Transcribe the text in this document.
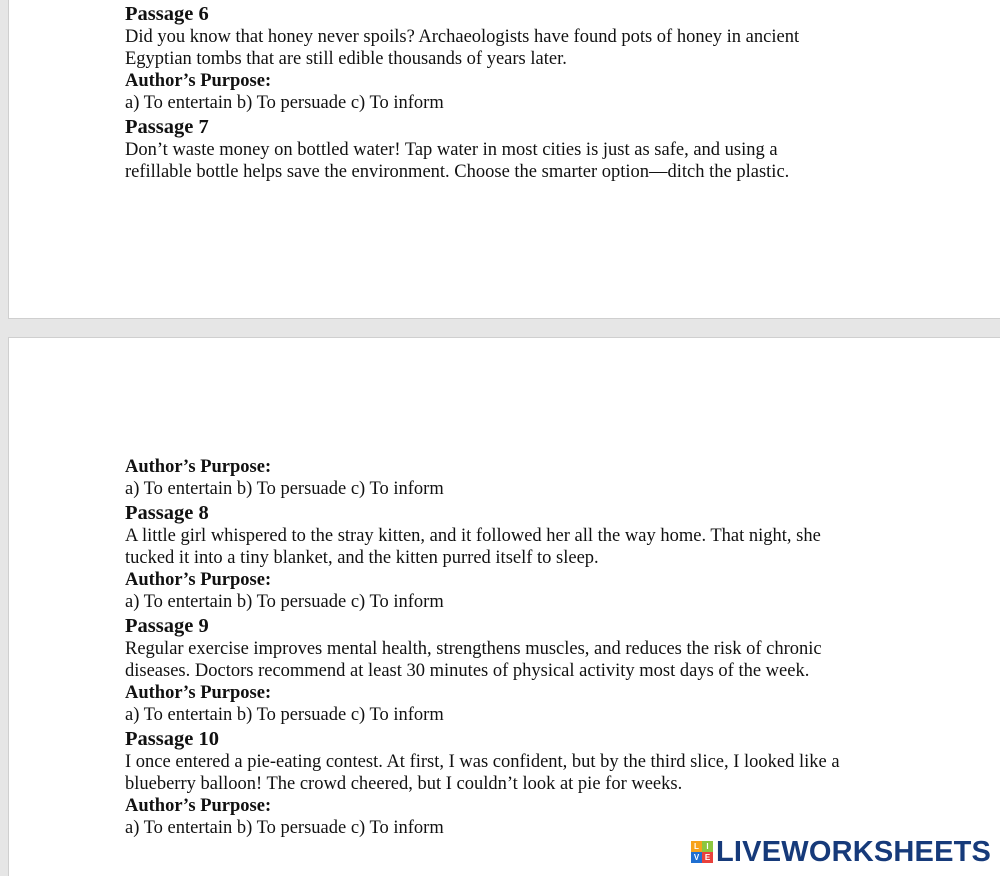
Passage 6

Did you know that honey never spoils? Archaeologists have found pots of honey in ancient

Egyptian tombs that are still edible thousands of years later.

Author’s Purpose:

a) To entertain b) To persuade c) To inform

Passage 7

Don’t waste money on bottled water! Tap water in most cities is just as safe, and using a

refillable bottle helps save the environment. Choose the smarter option—ditch the plastic.

Author’s Purpose:

a) To entertain b) To persuade c) To inform

Passage 8

A little girl whispered to the stray kitten, and it followed her all the way home. That night, she

tucked it into a tiny blanket, and the kitten purred itself to sleep.

Author’s Purpose:

a) To entertain b) To persuade c) To inform

Passage 9

Regular exercise improves mental health, strengthens muscles, and reduces the risk of chronic

diseases. Doctors recommend at least 30 minutes of physical activity most days of the week.

Author’s Purpose:

a) To entertain b) To persuade c) To inform

Passage 10

I once entered a pie-eating contest. At first, I was confident, but by the third slice, I looked like a

blueberry balloon! The crowd cheered, but I couldn’t look at pie for weeks.

Author’s Purpose:

a) To entertain b) To persuade c) To inform

L I
V E LIVEWORKSHEETS
